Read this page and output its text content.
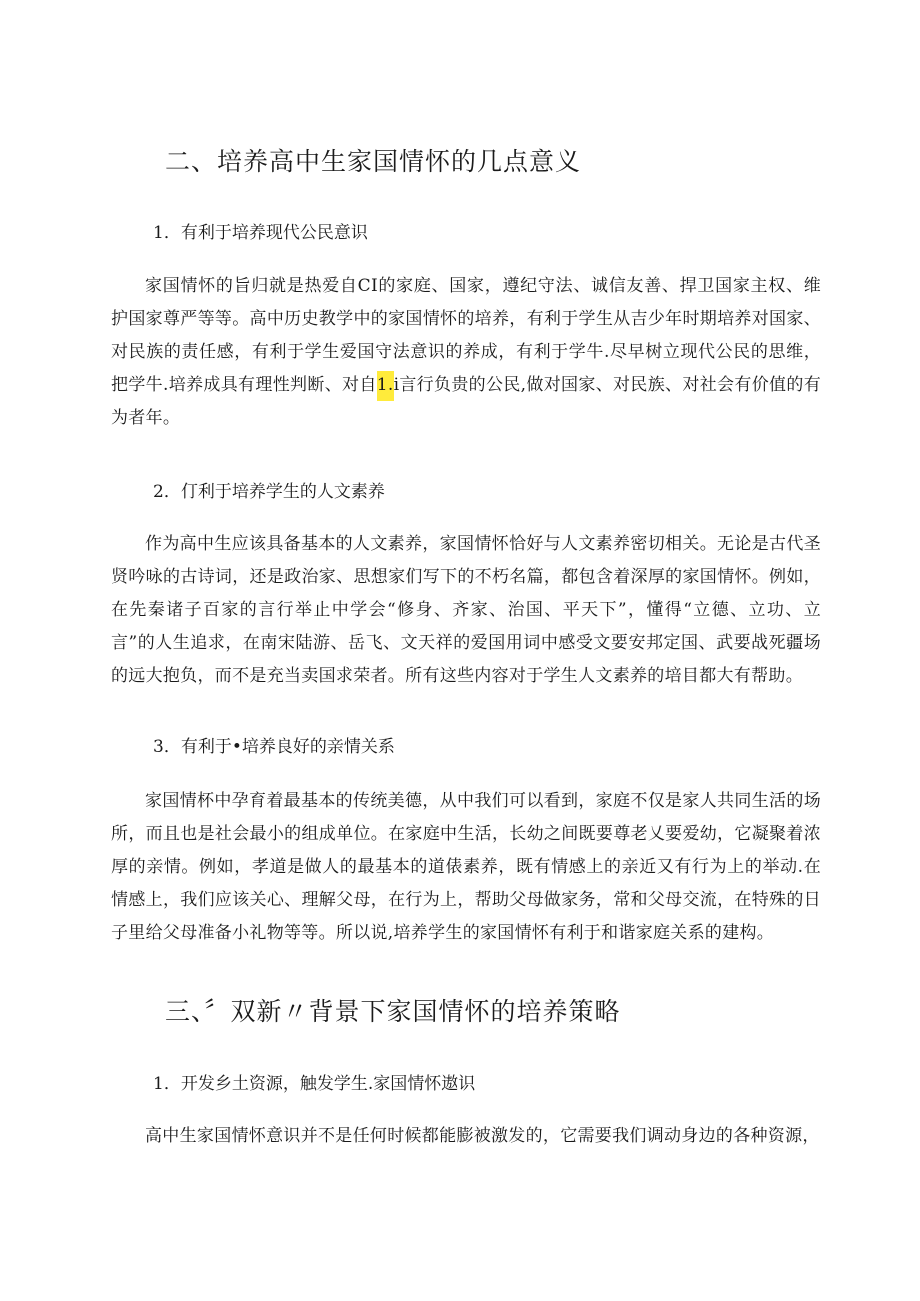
二、培养高中生家国情怀的几点意义
1．有利于培养现代公民意识
家国情怀的旨归就是热爱自CI的家庭、国家，遵纪守法、诚信友善、捍卫国家主权、维护国家尊严等等。高中历史教学中的家国情怀的培养，有利于学生从吉少年时期培养对国家、对民族的责任感，有利于学生爱国守法意识的养成，有利于学牛.尽早树立现代公民的思维，把学牛.培养成具有理性判断、对自1.i言行负贵的公民,做对国家、对民族、对社会有价值的有为者年。
2．仃利于培养学生的人文素养
作为高中生应该具备基本的人文素养，家国情怀恰好与人文素养密切相关。无论是古代圣贤吟咏的古诗词，还是政治家、思想家们写下的不朽名篇，都包含着深厚的家国情怀。例如，在先秦诸子百家的言行举止中学会“修身、齐家、治国、平天下”，懂得“立德、立功、立言”的人生追求，在南宋陆游、岳飞、文天祥的爱国用词中感受文要安邦定国、武要战死疆场的远大抱负，而不是充当卖国求荣者。所有这些内容对于学生人文素养的培目都大有帮助。
3．有利于•培养良好的亲情关系
家国情杯中孕育着最基本的传统美德，从中我们可以看到，家庭不仅是家人共同生活的场所，而且也是社会最小的组成单位。在家庭中生活，长幼之间既要尊老乂要爱幼，它凝聚着浓厚的亲情。例如，孝道是做人的最基本的道俵素养，既有情感上的亲近又有行为上的举动.在情感上，我们应该关心、理解父母，在行为上，帮助父母做家务，常和父母交流，在特殊的日子里给父母准备小礼物等等。所以说,培养学生的家国情怀有利于和谐家庭关系的建构。
三、〞双新〃背景下家国情怀的培养策略
1．开发乡土资源，触发学生.家国情怀遨识
高中生家国情怀意识并不是任何时候都能膨被激发的，它需要我们调动身边的各种资源，
